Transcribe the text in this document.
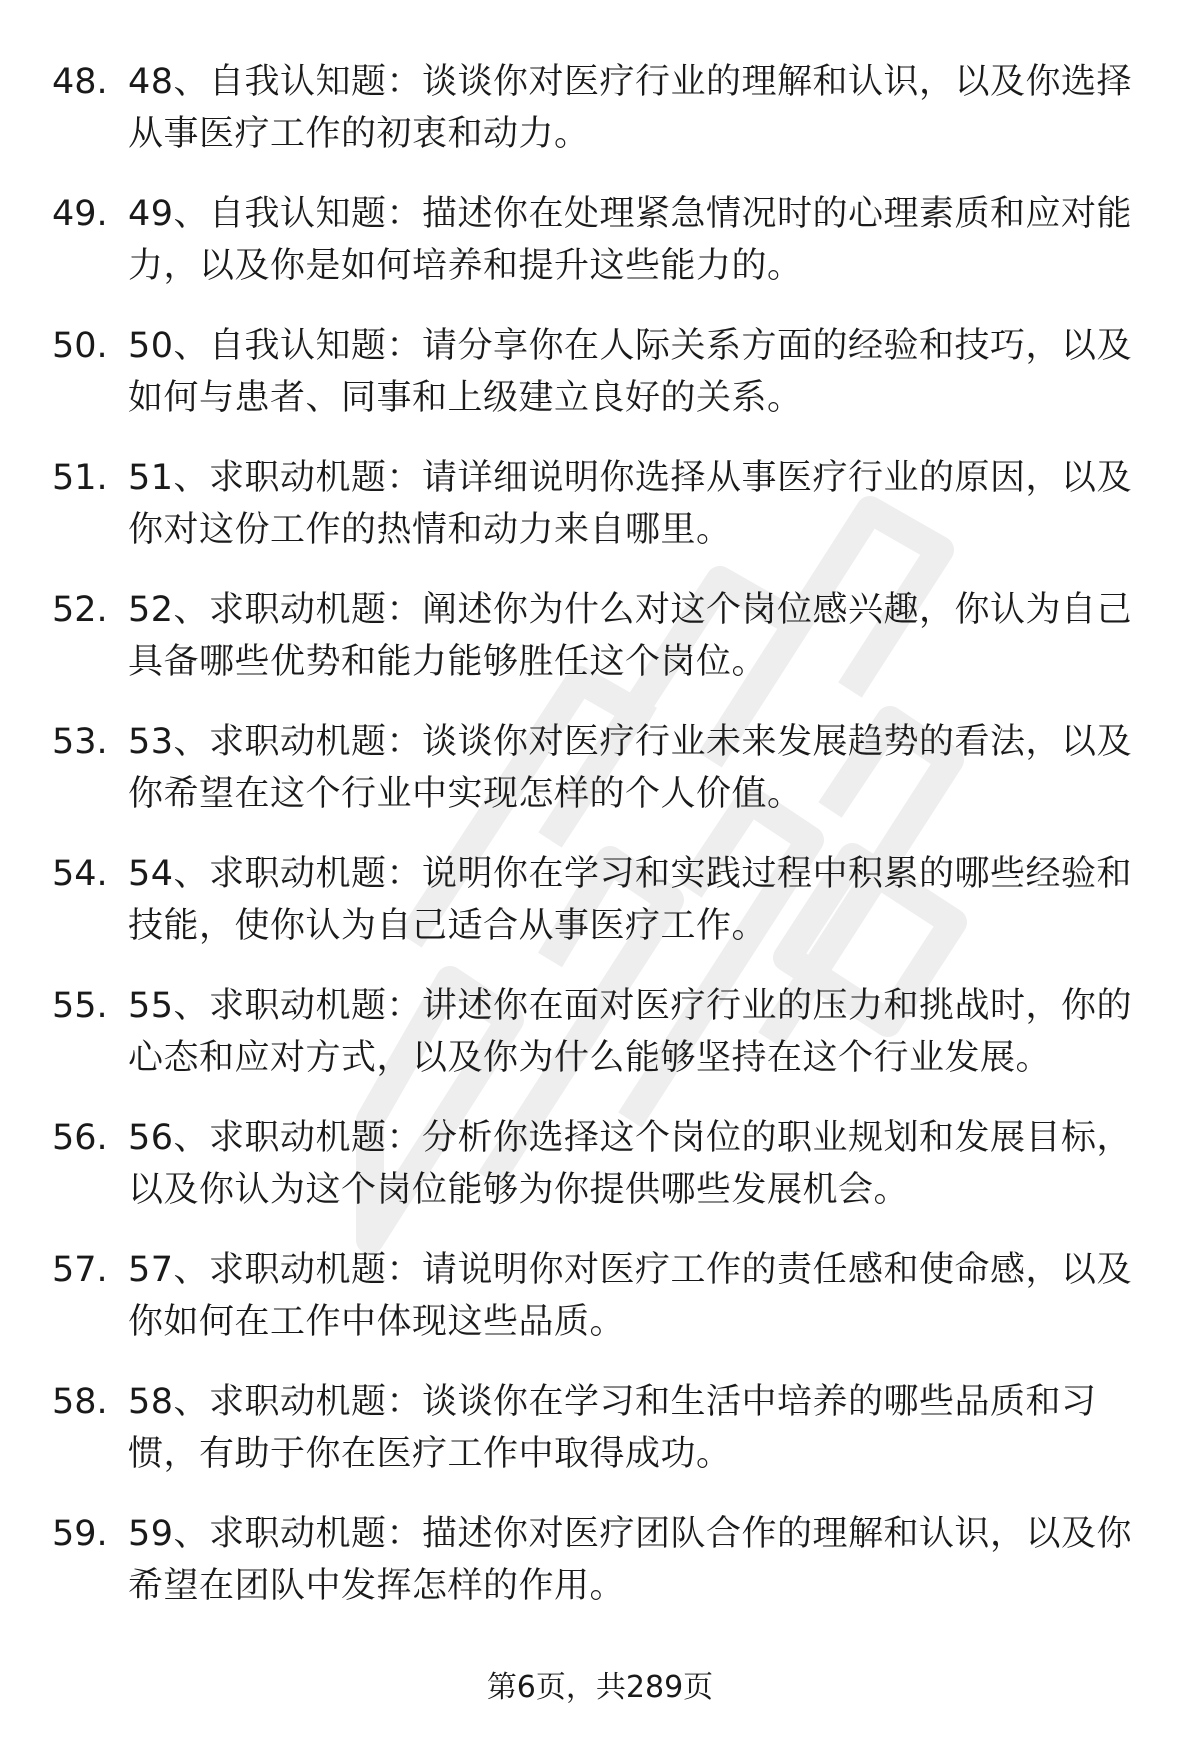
48. 48、自我认知题：谈谈你对医疗行业的理解和认识，以及你选择从事医疗工作的初衷和动力。
49. 49、自我认知题：描述你在处理紧急情况时的心理素质和应对能力，以及你是如何培养和提升这些能力的。
50. 50、自我认知题：请分享你在人际关系方面的经验和技巧，以及如何与患者、同事和上级建立良好的关系。
51. 51、求职动机题：请详细说明你选择从事医疗行业的原因，以及你对这份工作的热情和动力来自哪里。
52. 52、求职动机题：阐述你为什么对这个岗位感兴趣，你认为自己具备哪些优势和能力能够胜任这个岗位。
53. 53、求职动机题：谈谈你对医疗行业未来发展趋势的看法，以及你希望在这个行业中实现怎样的个人价值。
54. 54、求职动机题：说明你在学习和实践过程中积累的哪些经验和技能，使你认为自己适合从事医疗工作。
55. 55、求职动机题：讲述你在面对医疗行业的压力和挑战时，你的心态和应对方式，以及你为什么能够坚持在这个行业发展。
56. 56、求职动机题：分析你选择这个岗位的职业规划和发展目标，以及你认为这个岗位能够为你提供哪些发展机会。
57. 57、求职动机题：请说明你对医疗工作的责任感和使命感，以及你如何在工作中体现这些品质。
58. 58、求职动机题：谈谈你在学习和生活中培养的哪些品质和习惯，有助于你在医疗工作中取得成功。
59. 59、求职动机题：描述你对医疗团队合作的理解和认识，以及你希望在团队中发挥怎样的作用。
第6页，共289页
